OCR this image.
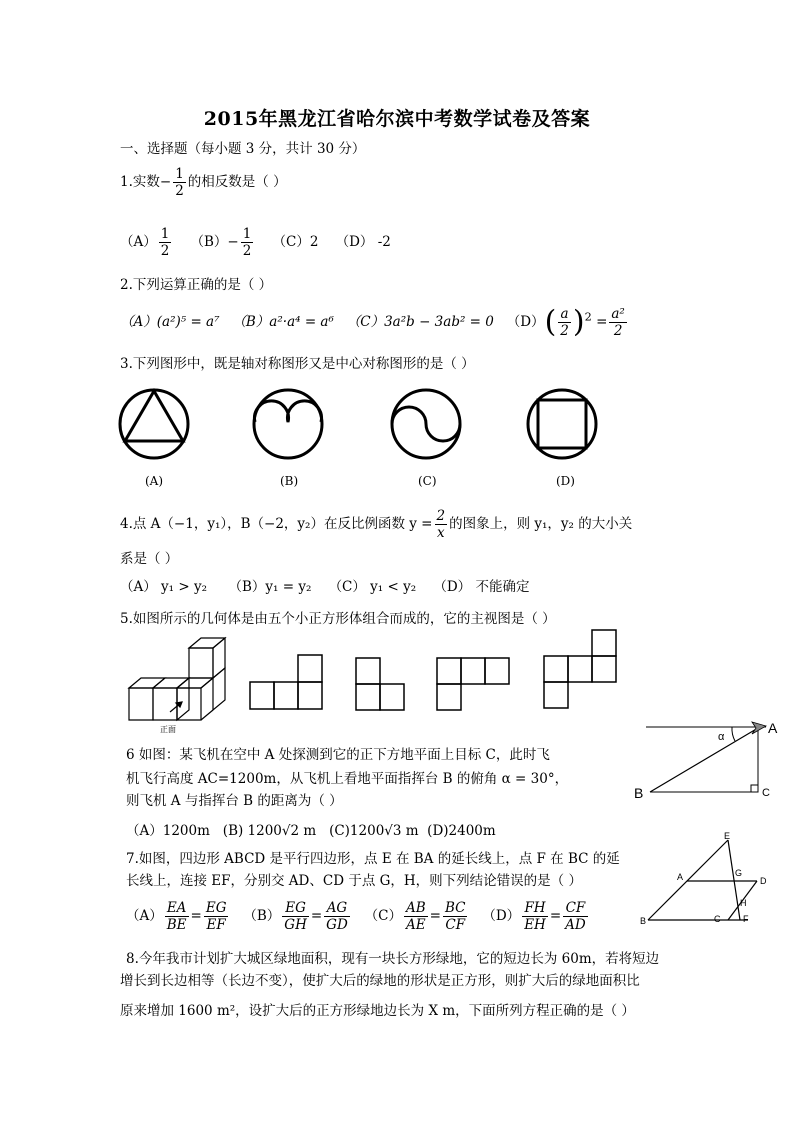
2015年黑龙江省哈尔滨中考数学试卷及答案
一、选择题（每小题 3 分，共计 30 分）
1.实数− $\frac{1}{2}$ 的相反数是（ ）
$(A) \frac{1}{2} (B)- \frac{1}{2} (C)2$ （D） -2
2.下列运算正确的是（ ）
（A）(a²)⁵ = a⁷ （B）a²·a⁴ = a⁶ （C）3a²b − 3ab² = 0 $(D)( \frac{a}{2} )^2 = \frac{\text{a²}}{2}$
3.下列图形中，既是轴对称图形又是中心对称图形的是（ ）
(A)	(B)	(C)	(D)
4.点 A（−1，y₁），B（−2，y₂）在反比例函数 $y = \frac{2}{x}$ 的图象上，则 y₁，y₂ 的大小关
系是（ ）
（A） y₁ > y₂ （B）y₁ = y₂ （C） y₁ < y₂ （D） 不能确定
5.如图所示的几何体是由五个小正方形体组合而成的，它的主视图是（ ）
正面
6 如图：某飞机在空中 A 处探测到它的正下方地平面上目标 C，此时飞
机飞行高度 AC=1200m，从飞机上看地平面指挥台 B 的俯角 α = 30°，
则飞机 A 与指挥台 B 的距离为（ ）
（A）1200m (B) 1200√2 m (C)1200√3 m (D)2400m
A
B	C
α
7.如图，四边形 ABCD 是平行四边形，点 E 在 BA 的延长线上，点 F 在 BC 的延
长线上，连接 EF，分别交 AD、CD 于点 G，H，则下列结论错误的是（ ）
$(A) \frac{EA}{BE} = \frac{EG}{EF} (B) \frac{EG}{GH} = \frac{AG}{GD} (C) \frac{AB}{AE} = \frac{BC}{CF} (D) \frac{FH}{EH} = \frac{CF}{AD}$
E
A	G
D
H
B	C	F
8.今年我市计划扩大城区绿地面积，现有一块长方形绿地，它的短边长为 60m，若将短边
增长到长边相等（长边不变），使扩大后的绿地的形状是正方形，则扩大后的绿地面积比
原来增加 1600 m²，设扩大后的正方形绿地边长为 X m，下面所列方程正确的是（ ）
